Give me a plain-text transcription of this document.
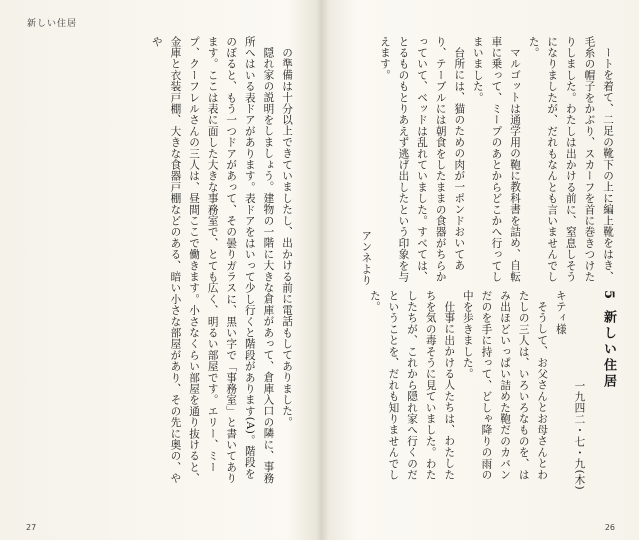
新しい住居

の準備は十分以上できていましたし、出かける前に電話もしてありました。

隠れ家の説明をしましょう。建物の一階に大きな倉庫があって、倉庫入口の隣に、事務所へはいる表ドアがあります。表ドアをはいって少し行くと階段があります(A)。階段をのぼると、もう一つドアがあって、その曇りガラスに、黒い字で「事務室」と書いてあります。ここは表に面した大きな事務室で、とても広く、明るい部屋です。エリー、ミープ、クーフレルさんの三人は、昼間ここで働きます。小さなくらい部屋を通り抜けると、金庫と衣装戸棚、大きな食器戸棚などのある、暗い小さな部屋があり、その先に奥の、やや

27

ートを着て、二足の靴下の上に編上靴をはき、毛糸の帽子をかぶり、スカーフを首に巻きつけたりしました。わたしは出かける前に、窒息しそうになりましたが、だれもなんとも言いませんでした。

マルゴットは通学用の鞄に教科書を詰め、自転車に乗って、ミープのあとからどこかへ行ってしまいました。

台所には、猫のための肉が一ポンドおいてあり、テーブルには朝食をしたままの食器がちらかっていて、ベッドは乱れていました。すべては、とるものもとりあえず逃げ出したという印象を与えます。

アンネより

5 新しい住居

一九四二・七・九(木)

キティ様

そうして、お父さんとお母さんとわたしの三人は、いろいろなものを、はみ出ほどいっぱい詰めた鞄だのカバンだのを手に持って、どしゃ降りの雨の中を歩きました。

仕事に出かける人たちは、わたしたちを気の毒そうに見ていました。わたしたちが、これから隠れ家へ行くのだということを、だれも知りませんでした。

26
